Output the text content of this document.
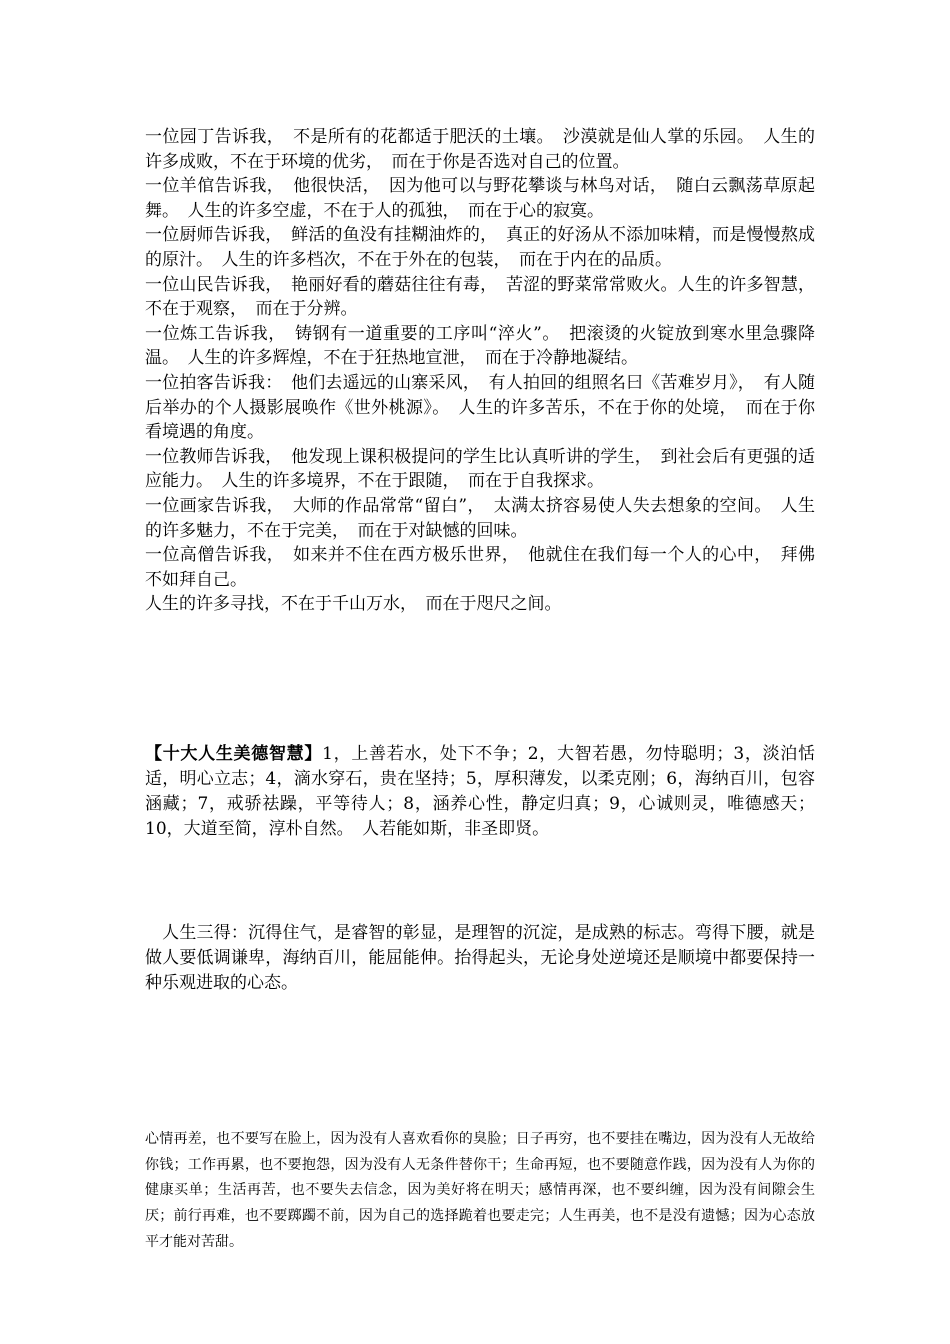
一位园丁告诉我，　不是所有的花都适于肥沃的土壤。　沙漠就是仙人掌的乐园。　人生的许多成败，不在于环境的优劣，　而在于你是否选对自己的位置。

一位羊倌告诉我，　他很快活，　因为他可以与野花攀谈与林鸟对话，　随白云飘荡草原起舞。　人生的许多空虚，不在于人的孤独，　而在于心的寂寞。

一位厨师告诉我，　鲜活的鱼没有挂糊油炸的，　真正的好汤从不添加味精，而是慢慢熬成的原汁。　人生的许多档次，不在于外在的包装，　而在于内在的品质。

一位山民告诉我，　艳丽好看的蘑菇往往有毒，　苦涩的野菜常常败火。人生的许多智慧，不在于观察，　而在于分辨。

一位炼工告诉我，　铸钢有一道重要的工序叫“淬火”。　把滚烫的火锭放到寒水里急骤降温。　人生的许多辉煌，不在于狂热地宣泄，　而在于冷静地凝结。

一位拍客告诉我：　他们去遥远的山寨采风，　有人拍回的组照名曰《苦难岁月》，　有人随后举办的个人摄影展唤作《世外桃源》。　人生的许多苦乐，不在于你的处境，　而在于你看境遇的角度。

一位教师告诉我，　他发现上课积极提问的学生比认真听讲的学生，　到社会后有更强的适应能力。　人生的许多境界，不在于跟随，　而在于自我探求。

一位画家告诉我，　大师的作品常常“留白”，　太满太挤容易使人失去想象的空间。　人生的许多魅力，不在于完美，　而在于对缺憾的回味。

一位高僧告诉我，　如来并不住在西方极乐世界，　他就住在我们每一个人的心中，　拜佛不如拜自己。

人生的许多寻找，不在于千山万水，　而在于咫尺之间。

【十大人生美德智慧】1，上善若水，处下不争；2，大智若愚，勿恃聪明；3，淡泊恬适，明心立志；4，滴水穿石，贵在坚持；5，厚积薄发，以柔克刚；6，海纳百川，包容涵藏；7，戒骄祛躁，平等待人；8，涵养心性，静定归真；9，心诚则灵，唯德感天；10，大道至简，淳朴自然。　人若能如斯，非圣即贤。

　人生三得：沉得住气，是睿智的彰显，是理智的沉淀，是成熟的标志。弯得下腰，就是做人要低调谦卑，海纳百川，能屈能伸。抬得起头，无论身处逆境还是顺境中都要保持一种乐观进取的心态。

心情再差，也不要写在脸上，因为没有人喜欢看你的臭脸；日子再穷，也不要挂在嘴边，因为没有人无故给你钱；工作再累，也不要抱怨，因为没有人无条件替你干；生命再短，也不要随意作践，因为没有人为你的健康买单；生活再苦，也不要失去信念，因为美好将在明天；感情再深，也不要纠缠，因为没有间隙会生厌；前行再难，也不要踯躅不前，因为自己的选择跪着也要走完；人生再美，也不是没有遗憾；因为心态放平才能对苦甜。
